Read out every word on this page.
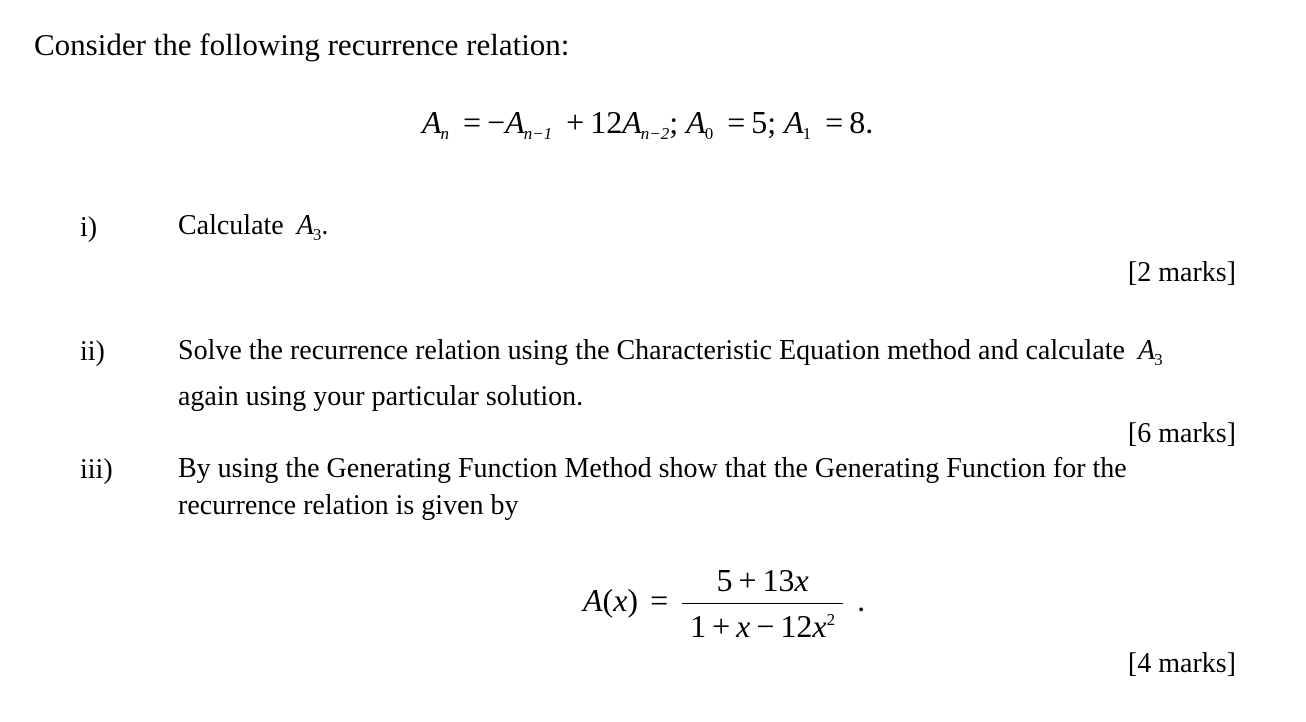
Consider the following recurrence relation:
$A_n = -A_{n-1} + 12A_{n-2}$; $A_0 = 5$; $A_1 = 8$.
i)	Calculate $A_3$.
[2 marks]
ii)	Solve the recurrence relation using the Characteristic Equation method and calculate $A_3$
again using your particular solution.
[6 marks]
iii) By using the Generating Function Method show that the Generating Function for the
recurrence relation is given by
$A(x) = \frac{5 + 13x}{1 + x - 12x^2}$ .
[4 marks]
